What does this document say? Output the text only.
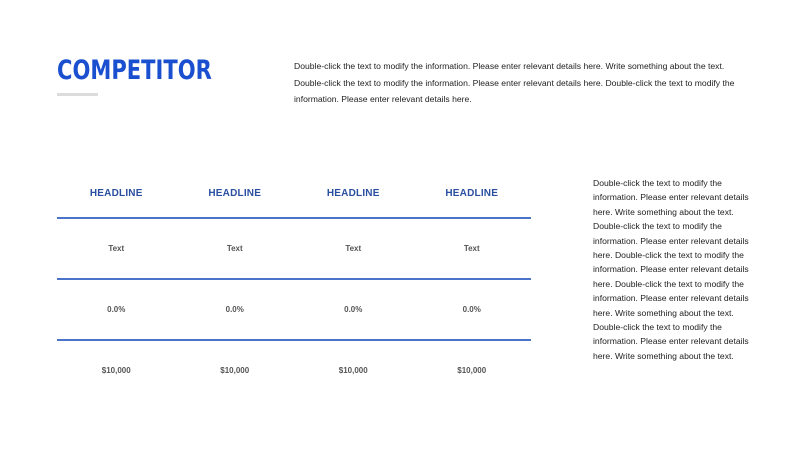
COMPETITOR	Double-click the text to modify the information. Please enter relevant details here. Write something about the text. Double-click the text to modify the information. Please enter relevant details here. Double-click the text to modify the information. Please enter relevant details here.
HEADLINE	HEADLINE	HEADLINE	HEADLINE
Text	Text	Text	Text
0.0%	0.0%	0.0%	0.0%
$10,000	$10,000	$10,000	$10,000
Double-click the text to modify the information. Please enter relevant details here. Write something about the text. Double-click the text to modify the information. Please enter relevant details here. Double-click the text to modify the information. Please enter relevant details here. Double-click the text to modify the information. Please enter relevant details here. Write something about the text. Double-click the text to modify the information. Please enter relevant details here. Write something about the text.
